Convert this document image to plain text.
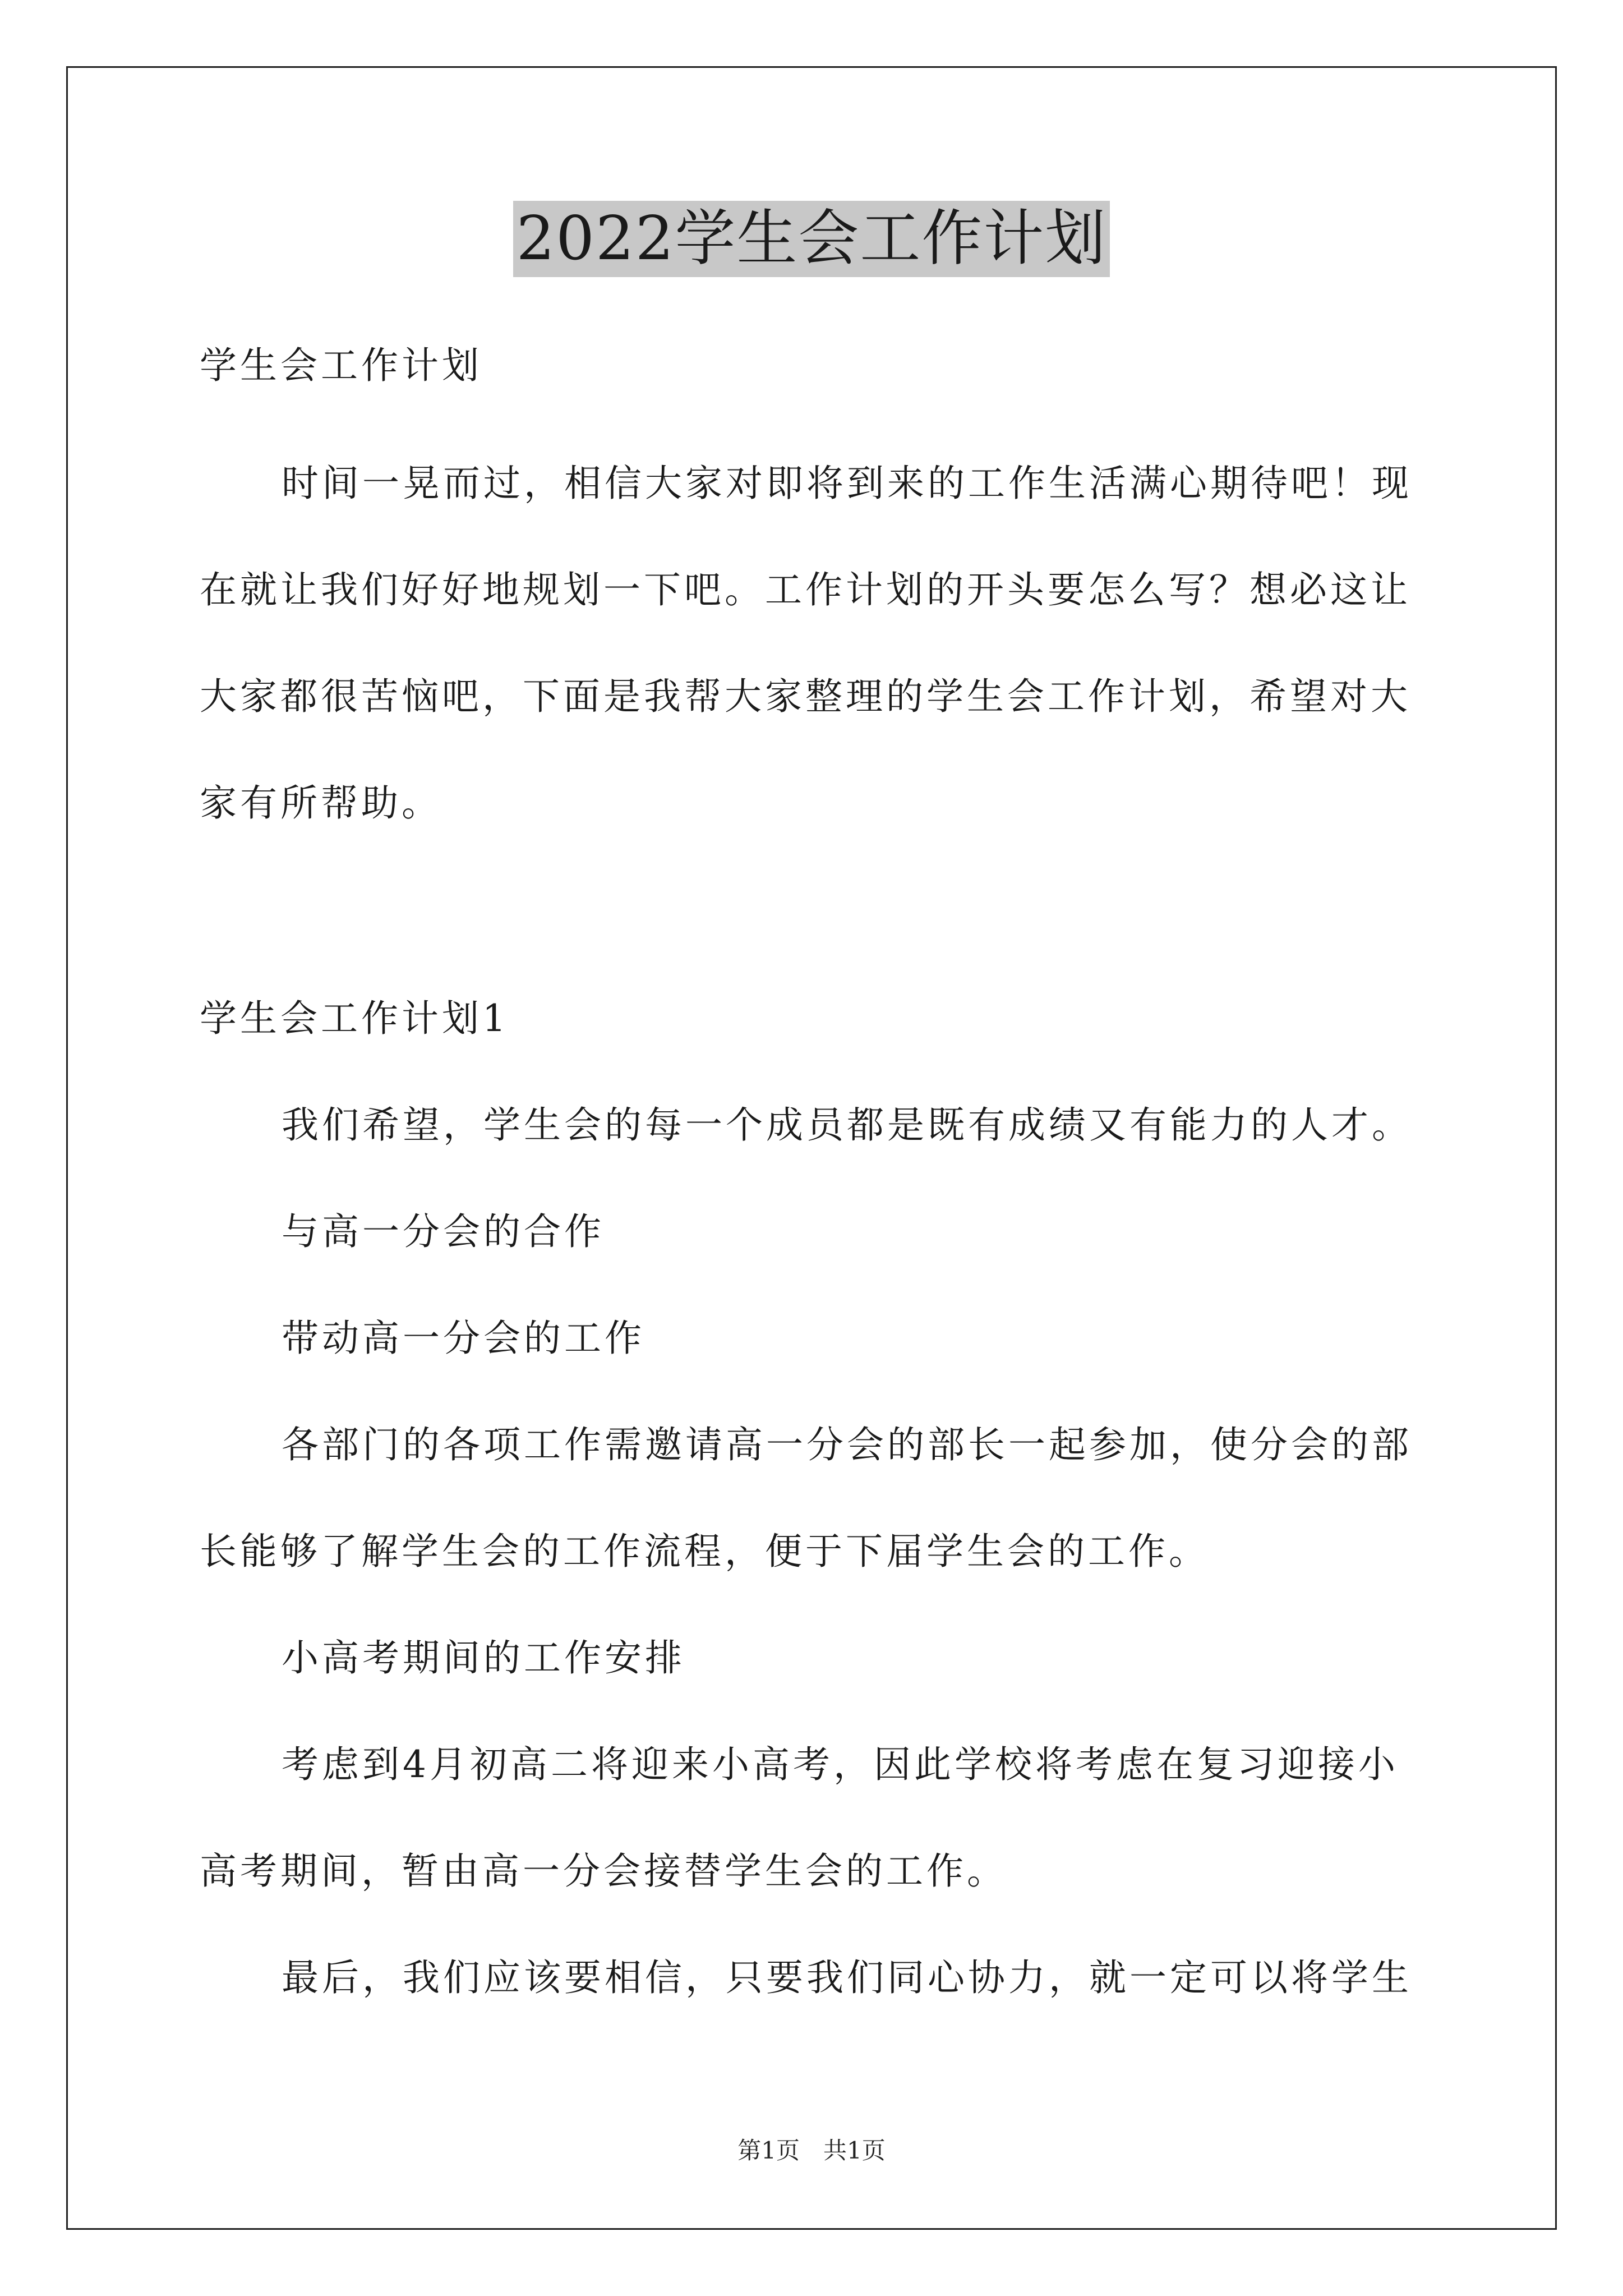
2022学生会工作计划
学生会工作计划
时间一晃而过，相信大家对即将到来的工作生活满心期待吧！现
在就让我们好好地规划一下吧。工作计划的开头要怎么写？想必这让
大家都很苦恼吧，下面是我帮大家整理的学生会工作计划，希望对大
家有所帮助。
学生会工作计划1
我们希望，学生会的每一个成员都是既有成绩又有能力的人才。
与高一分会的合作
带动高一分会的工作
各部门的各项工作需邀请高一分会的部长一起参加，使分会的部
长能够了解学生会的工作流程，便于下届学生会的工作。
小高考期间的工作安排
考虑到4月初高二将迎来小高考，因此学校将考虑在复习迎接小
高考期间，暂由高一分会接替学生会的工作。
最后，我们应该要相信，只要我们同心协力，就一定可以将学生
第1页　共1页
